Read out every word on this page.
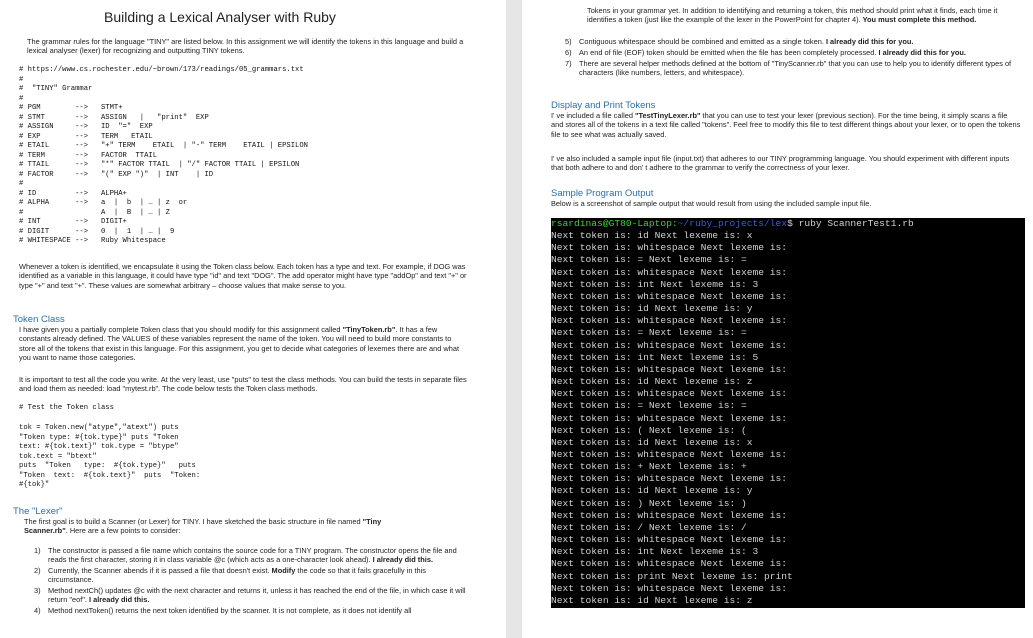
Building a Lexical Analyser with Ruby

The grammar rules for the language "TINY" are listed below. In this assignment we will identify the tokens in this language and build a lexical analyser (lexer) for recognizing and outputting TINY tokens.

# https://www.cs.rochester.edu/~brown/173/readings/05_grammars.txt
#
#  "TINY" Grammar
#
# PGM        -->   STMT+
# STMT       -->   ASSIGN   |   "print"  EXP
# ASSIGN     -->   ID  "="  EXP
# EXP        -->   TERM   ETAIL
# ETAIL      -->   "+" TERM    ETAIL  | "-" TERM    ETAIL | EPSILON
# TERM       -->   FACTOR  TTAIL
# TTAIL      -->   "*" FACTOR TTAIL  | "/" FACTOR TTAIL | EPSILON
# FACTOR     -->   "(" EXP ")"  | INT    | ID
#
# ID         -->   ALPHA+
# ALPHA      -->   a  |  b  | … | z  or
#                  A  |  B  | … | Z
# INT        -->   DIGIT+
# DIGIT      -->   0  |  1  | … |  9
# WHITESPACE -->   Ruby Whitespace

Whenever a token is identified, we encapsulate it using the Token class below. Each token has a type and text. For example, if DOG was identified as a variable in this language, it could have type "id" and text "DOG". The add operator might have type "addOp" and text "+" or type "+" and text "+". These values are somewhat arbitrary – choose values that make sense to you.

Token Class

I have given you a partially complete Token class that you should modify for this assignment called "TinyToken.rb". It has a few constants already defined. The VALUES of these variables represent the name of the token. You will need to build more constants to store all of the tokens that exist in this language. For this assignment, you get to decide what categories of lexemes there are and what you want to name those categories.

It is important to test all the code you write. At the very least, use "puts" to test the class methods. You can build the tests in separate files and load them as needed: load "mytest.rb". The code below tests the Token class methods.

# Test the Token class
tok = Token.new("atype","atext") puts
"Token type: #{tok.type}" puts "Token
text: #{tok.text}" tok.type = "btype"
tok.text = "btext"
puts  "Token   type:  #{tok.type}"   puts
"Token  text:  #{tok.text}"  puts  "Token:
#{tok}"
The "Lexer"

The first goal is to build a Scanner (or Lexer) for TINY. I have sketched the basic structure in file named "Tiny Scanner.rb". Here are a few points to consider:

1) The constructor is passed a file name which contains the source code for a TINY program. The constructor opens the file and reads the first character, storing it in class variable @c (which acts as a one-character look ahead). I already did this.
2) Currently, the Scanner abends if it is passed a file that doesn't exist. Modify the code so that it fails gracefully in this circumstance.
3) Method nextCh() updates @c with the next character and returns it, unless it has reached the end of the file, in which case it will return "eof". I already did this.
4) Method nextToken() returns the next token identified by the scanner. It is not complete, as it does not identify all

Tokens in your grammar yet. In addition to identifying and returning a token, this method should print what it finds, each time it identifies a token (just like the example of the lexer in the PowerPoint for chapter 4). You must complete this method.

5) Contiguous whitespace should be combined and emitted as a single token. I already did this for you.
6) An end of file (EOF) token should be emitted when the file has been completely processed. I already did this for you.
7) There are several helper methods defined at the bottom of "TinyScanner.rb" that you can use to help you to identify different types of characters (like numbers, letters, and whitespace).
Display and Print Tokens

I' ve included a file called "TestTinyLexer.rb" that you can use to test your lexer (previous section). For the time being, it simply scans a file and stores all of the tokens in a text file called "tokens". Feel free to modify this file to test different things about your lexer, or to open the tokens file to see what was actually saved.

I' ve also included a sample input file (input.txt) that adheres to our TINY programming language. You should experiment with different inputs that both adhere to and don' t adhere to the grammar to verify the correctness of your lexer.

Sample Program Output

Below is a screenshot of sample output that would result from using the included sample input file.

rsardinas@GT80-Laptop:~/ruby_projects/lex$ ruby ScannerTest1.rb
Next token is: id Next lexeme is: x
Next token is: whitespace Next lexeme is:
Next token is: = Next lexeme is: =
Next token is: whitespace Next lexeme is:
Next token is: int Next lexeme is: 3
Next token is: whitespace Next lexeme is:
Next token is: id Next lexeme is: y
Next token is: whitespace Next lexeme is:
Next token is: = Next lexeme is: =
Next token is: whitespace Next lexeme is:
Next token is: int Next lexeme is: 5
Next token is: whitespace Next lexeme is:
Next token is: id Next lexeme is: z
Next token is: whitespace Next lexeme is:
Next token is: = Next lexeme is: =
Next token is: whitespace Next lexeme is:
Next token is: ( Next lexeme is: (
Next token is: id Next lexeme is: x
Next token is: whitespace Next lexeme is:
Next token is: + Next lexeme is: +
Next token is: whitespace Next lexeme is:
Next token is: id Next lexeme is: y
Next token is: ) Next lexeme is: )
Next token is: whitespace Next lexeme is:
Next token is: / Next lexeme is: /
Next token is: whitespace Next lexeme is:
Next token is: int Next lexeme is: 3
Next token is: whitespace Next lexeme is:
Next token is: print Next lexeme is: print
Next token is: whitespace Next lexeme is:
Next token is: id Next lexeme is: z
